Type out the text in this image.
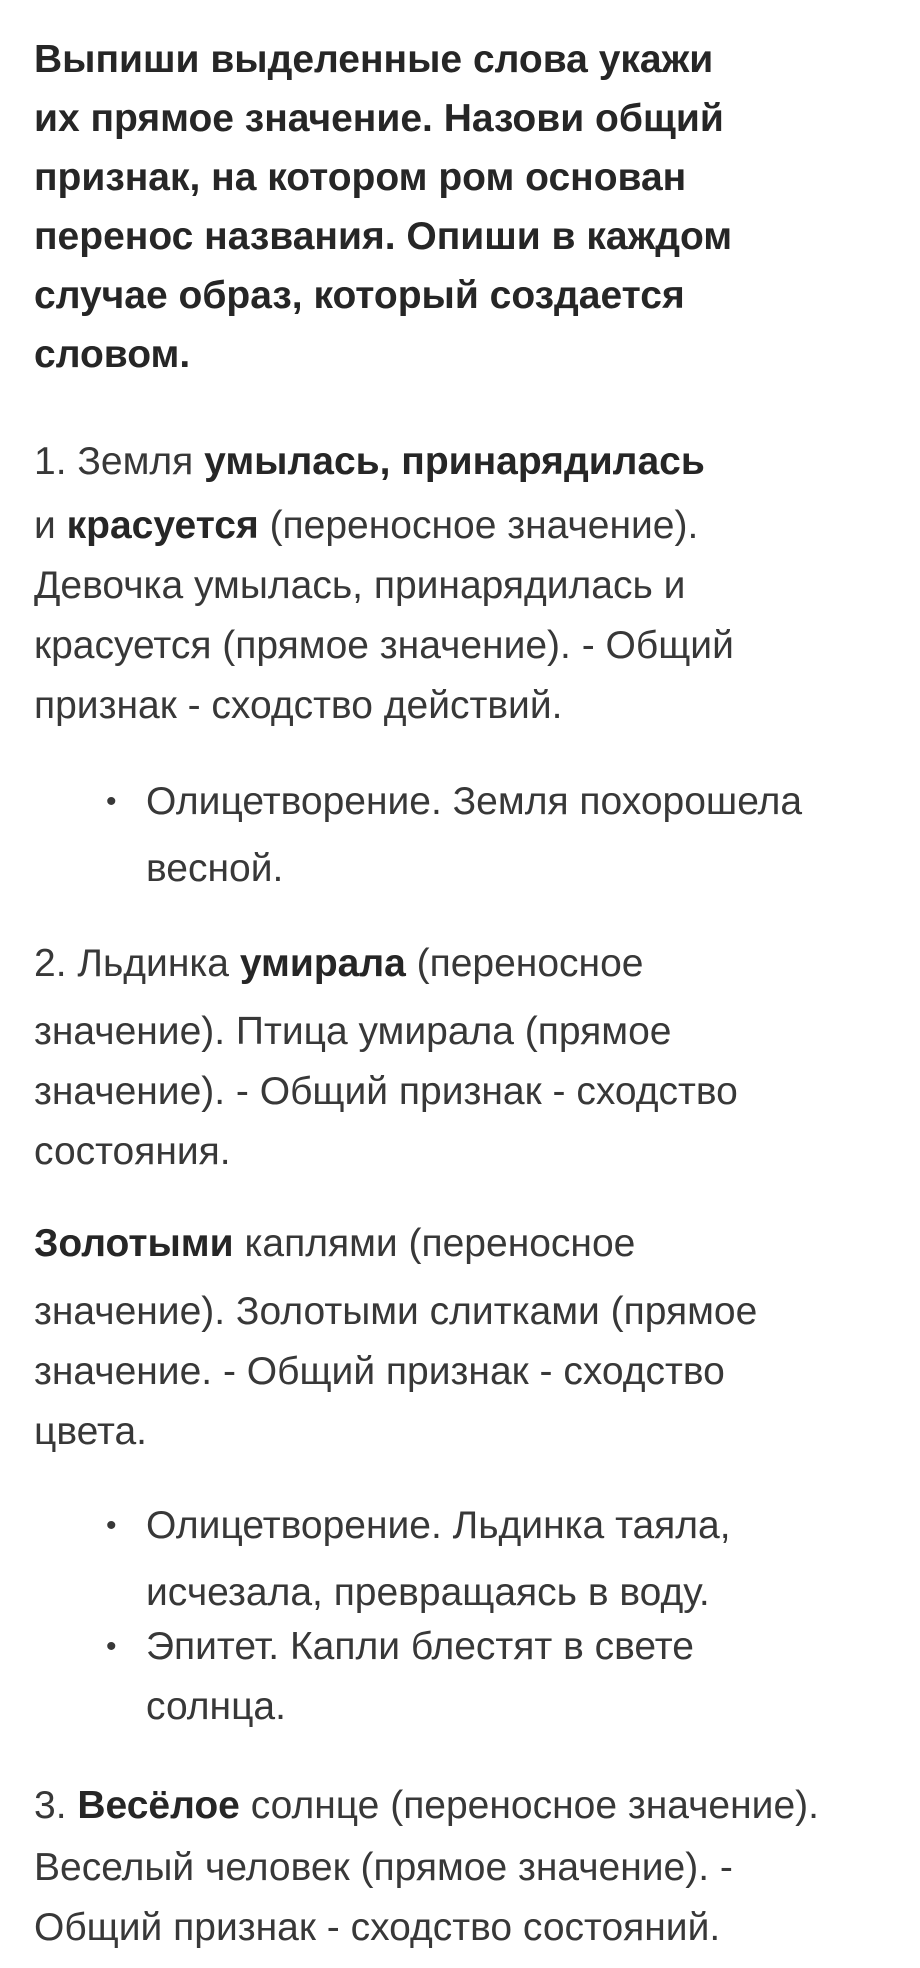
Выпиши выделенные слова укажи
их прямое значение. Назови общий
признак, на котором ром основан
перенос названия. Опиши в каждом
случае образ, который создается
словом.
1. Земля умылась, принарядилась
и красуется (переносное значение).
Девочка умылась, принарядилась и
красуется (прямое значение). - Общий
признак - сходство действий.
• Олицетворение. Земля похорошела
весной.
2. Льдинка умирала (переносное
значение). Птица умирала (прямое
значение). - Общий признак - сходство
состояния.
Золотыми каплями (переносное
значение). Золотыми слитками (прямое
значение. - Общий признак - сходство
цвета.
• Олицетворение. Льдинка таяла,
исчезала, превращаясь в воду.
• Эпитет. Капли блестят в свете
солнца.
3. Весёлое солнце (переносное значение).
Веселый человек (прямое значение). -
Общий признак - сходство состояний.
